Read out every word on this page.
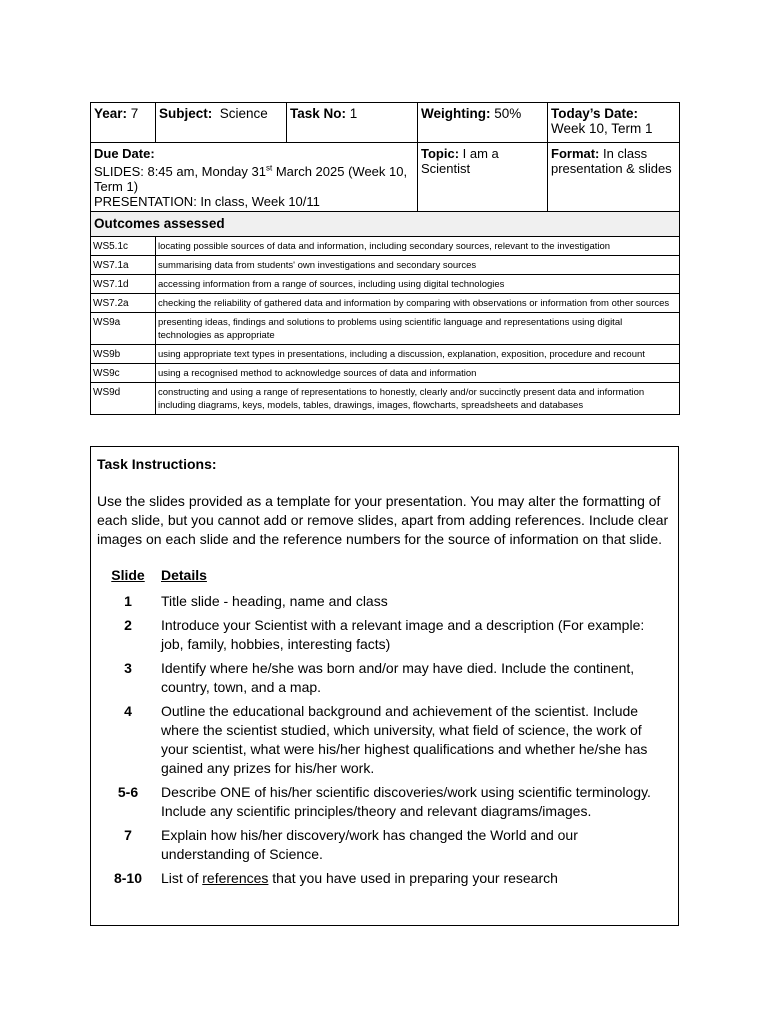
Year: 7	Subject: Science	Task No: 1	Weighting: 50%	Today’s Date:
Week 10, Term 1
Due Date:
SLIDES: 8:45 am, Monday 31st March 2025 (Week 10, Term 1)
PRESENTATION: In class, Week 10/11			Topic: I am a Scientist	Format: In class presentation & slides
Outcomes assessed				
WS5.1c	locating possible sources of data and information, including secondary sources, relevant to the investigation			
WS7.1a	summarising data from students' own investigations and secondary sources			
WS7.1d	accessing information from a range of sources, including using digital technologies			
WS7.2a	checking the reliability of gathered data and information by comparing with observations or information from other sources			
WS9a	presenting ideas, findings and solutions to problems using scientific language and representations using digital technologies as appropriate			
WS9b	using appropriate text types in presentations, including a discussion, explanation, exposition, procedure and recount			
WS9c	using a recognised method to acknowledge sources of data and information			
WS9d	constructing and using a range of representations to honestly, clearly and/or succinctly present data and information including diagrams, keys, models, tables, drawings, images, flowcharts, spreadsheets and databases			
Task Instructions:
Use the slides provided as a template for your presentation. You may alter the formatting of each slide, but you cannot add or remove slides, apart from adding references. Include clear images on each slide and the reference numbers for the source of information on that slide.
Slide	Details
1	Title slide - heading, name and class
2	Introduce your Scientist with a relevant image and a description (For example: job, family, hobbies, interesting facts)
3	Identify where he/she was born and/or may have died. Include the continent, country, town, and a map.
4	Outline the educational background and achievement of the scientist. Include where the scientist studied, which university, what field of science, the work of your scientist, what were his/her highest qualifications and whether he/she has gained any prizes for his/her work.
5-6	Describe ONE of his/her scientific discoveries/work using scientific terminology. Include any scientific principles/theory and relevant diagrams/images.
7	Explain how his/her discovery/work has changed the World and our understanding of Science.
8-10	List of references that you have used in preparing your research
